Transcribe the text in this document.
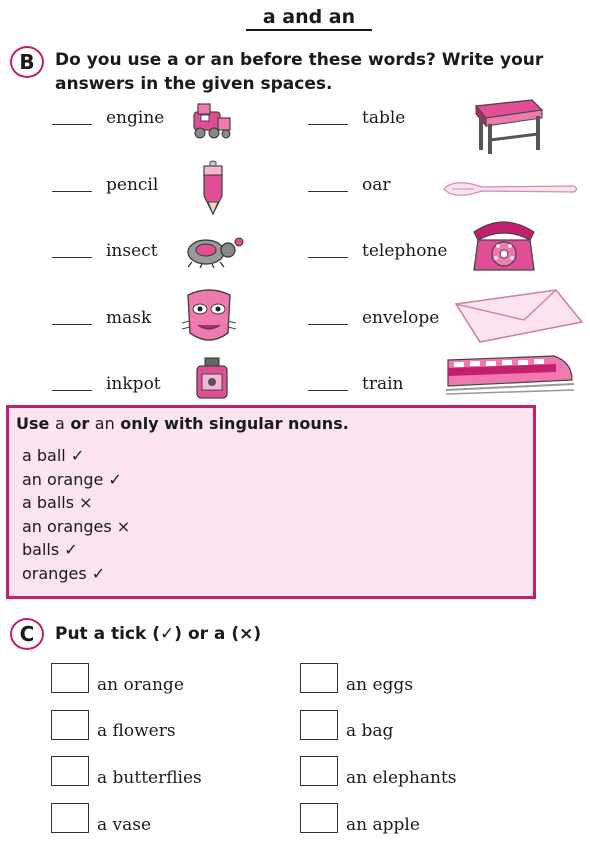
a and an
B	Do you use a or an before these words? Write your
answers in the given spaces.
engine
pencil
insect
mask
inkpot
table
oar
telephone
envelope
train
Use a or an only with singular nouns.
a ball ✓
an orange ✓
a balls ×
an oranges ×
balls ✓
oranges ✓
C	Put a tick (✓) or a (×)
an orange
a flowers
a butterflies
a vase
an eggs
a bag
an elephants
an apple
